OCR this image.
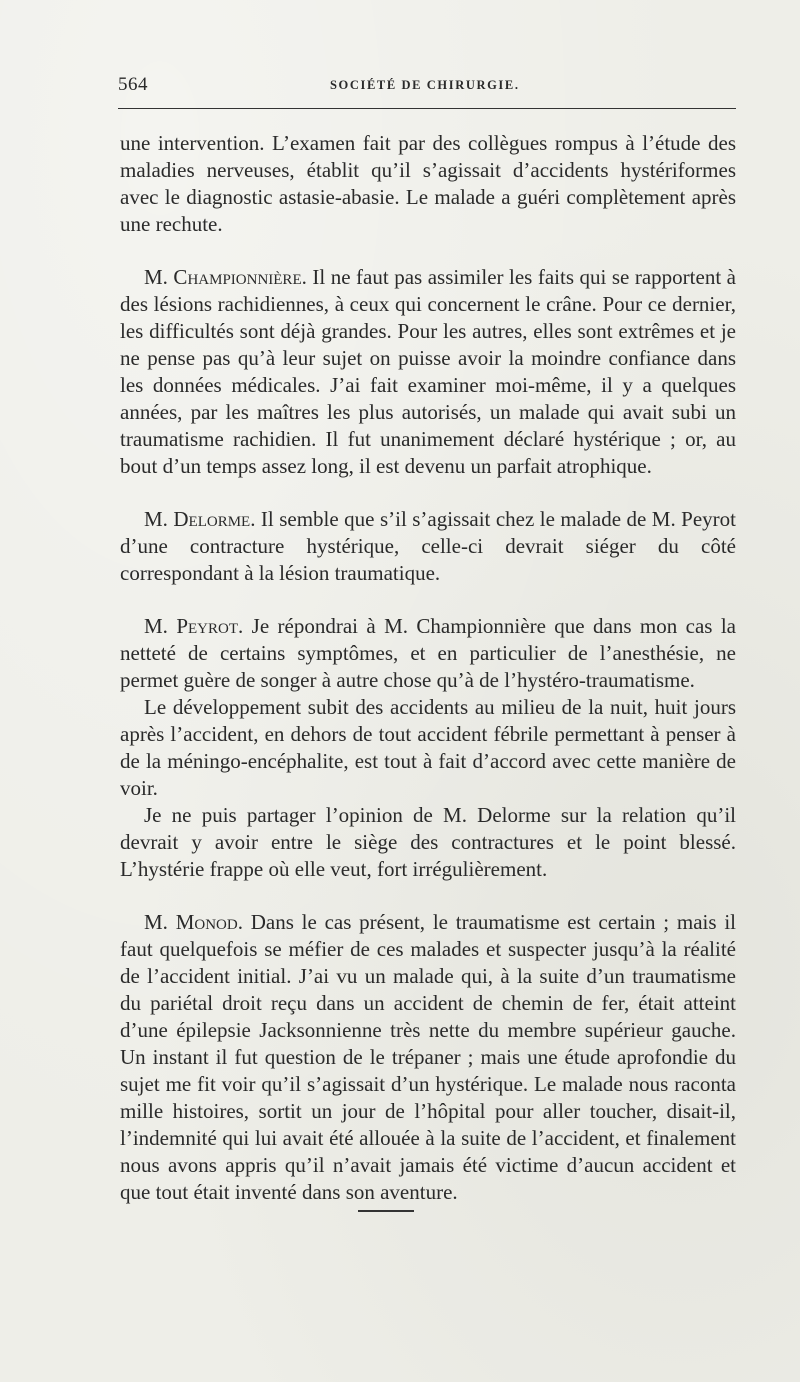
564	SOCIÉTÉ DE CHIRURGIE.

une intervention. L’examen fait par des collègues rompus à l’étude des maladies nerveuses, établit qu’il s’agissait d’accidents hystériformes avec le diagnostic astasie-abasie. Le malade a guéri complètement après une rechute.

M. Championnière. Il ne faut pas assimiler les faits qui se rapportent à des lésions rachidiennes, à ceux qui concernent le crâne. Pour ce dernier, les difficultés sont déjà grandes. Pour les autres, elles sont extrêmes et je ne pense pas qu’à leur sujet on puisse avoir la moindre confiance dans les données médicales. J’ai fait examiner moi-même, il y a quelques années, par les maîtres les plus autorisés, un malade qui avait subi un traumatisme rachidien. Il fut unanimement déclaré hystérique ; or, au bout d’un temps assez long, il est devenu un parfait atrophique.

M. Delorme. Il semble que s’il s’agissait chez le malade de M. Peyrot d’une contracture hystérique, celle-ci devrait siéger du côté correspondant à la lésion traumatique.

M. Peyrot. Je répondrai à M. Championnière que dans mon cas la netteté de certains symptômes, et en particulier de l’anesthésie, ne permet guère de songer à autre chose qu’à de l’hystéro-traumatisme.

Le développement subit des accidents au milieu de la nuit, huit jours après l’accident, en dehors de tout accident fébrile permettant à penser à de la méningo-encéphalite, est tout à fait d’accord avec cette manière de voir.

Je ne puis partager l’opinion de M. Delorme sur la relation qu’il devrait y avoir entre le siège des contractures et le point blessé. L’hystérie frappe où elle veut, fort irrégulièrement.

M. Monod. Dans le cas présent, le traumatisme est certain ; mais il faut quelquefois se méfier de ces malades et suspecter jusqu’à la réalité de l’accident initial. J’ai vu un malade qui, à la suite d’un traumatisme du pariétal droit reçu dans un accident de chemin de fer, était atteint d’une épilepsie Jacksonnienne très nette du membre supérieur gauche. Un instant il fut question de le trépaner ; mais une étude aprofondie du sujet me fit voir qu’il s’agissait d’un hystérique. Le malade nous raconta mille histoires, sortit un jour de l’hôpital pour aller toucher, disait-il, l’indemnité qui lui avait été allouée à la suite de l’accident, et finalement nous avons appris qu’il n’avait jamais été victime d’aucun accident et que tout était inventé dans son aventure.
